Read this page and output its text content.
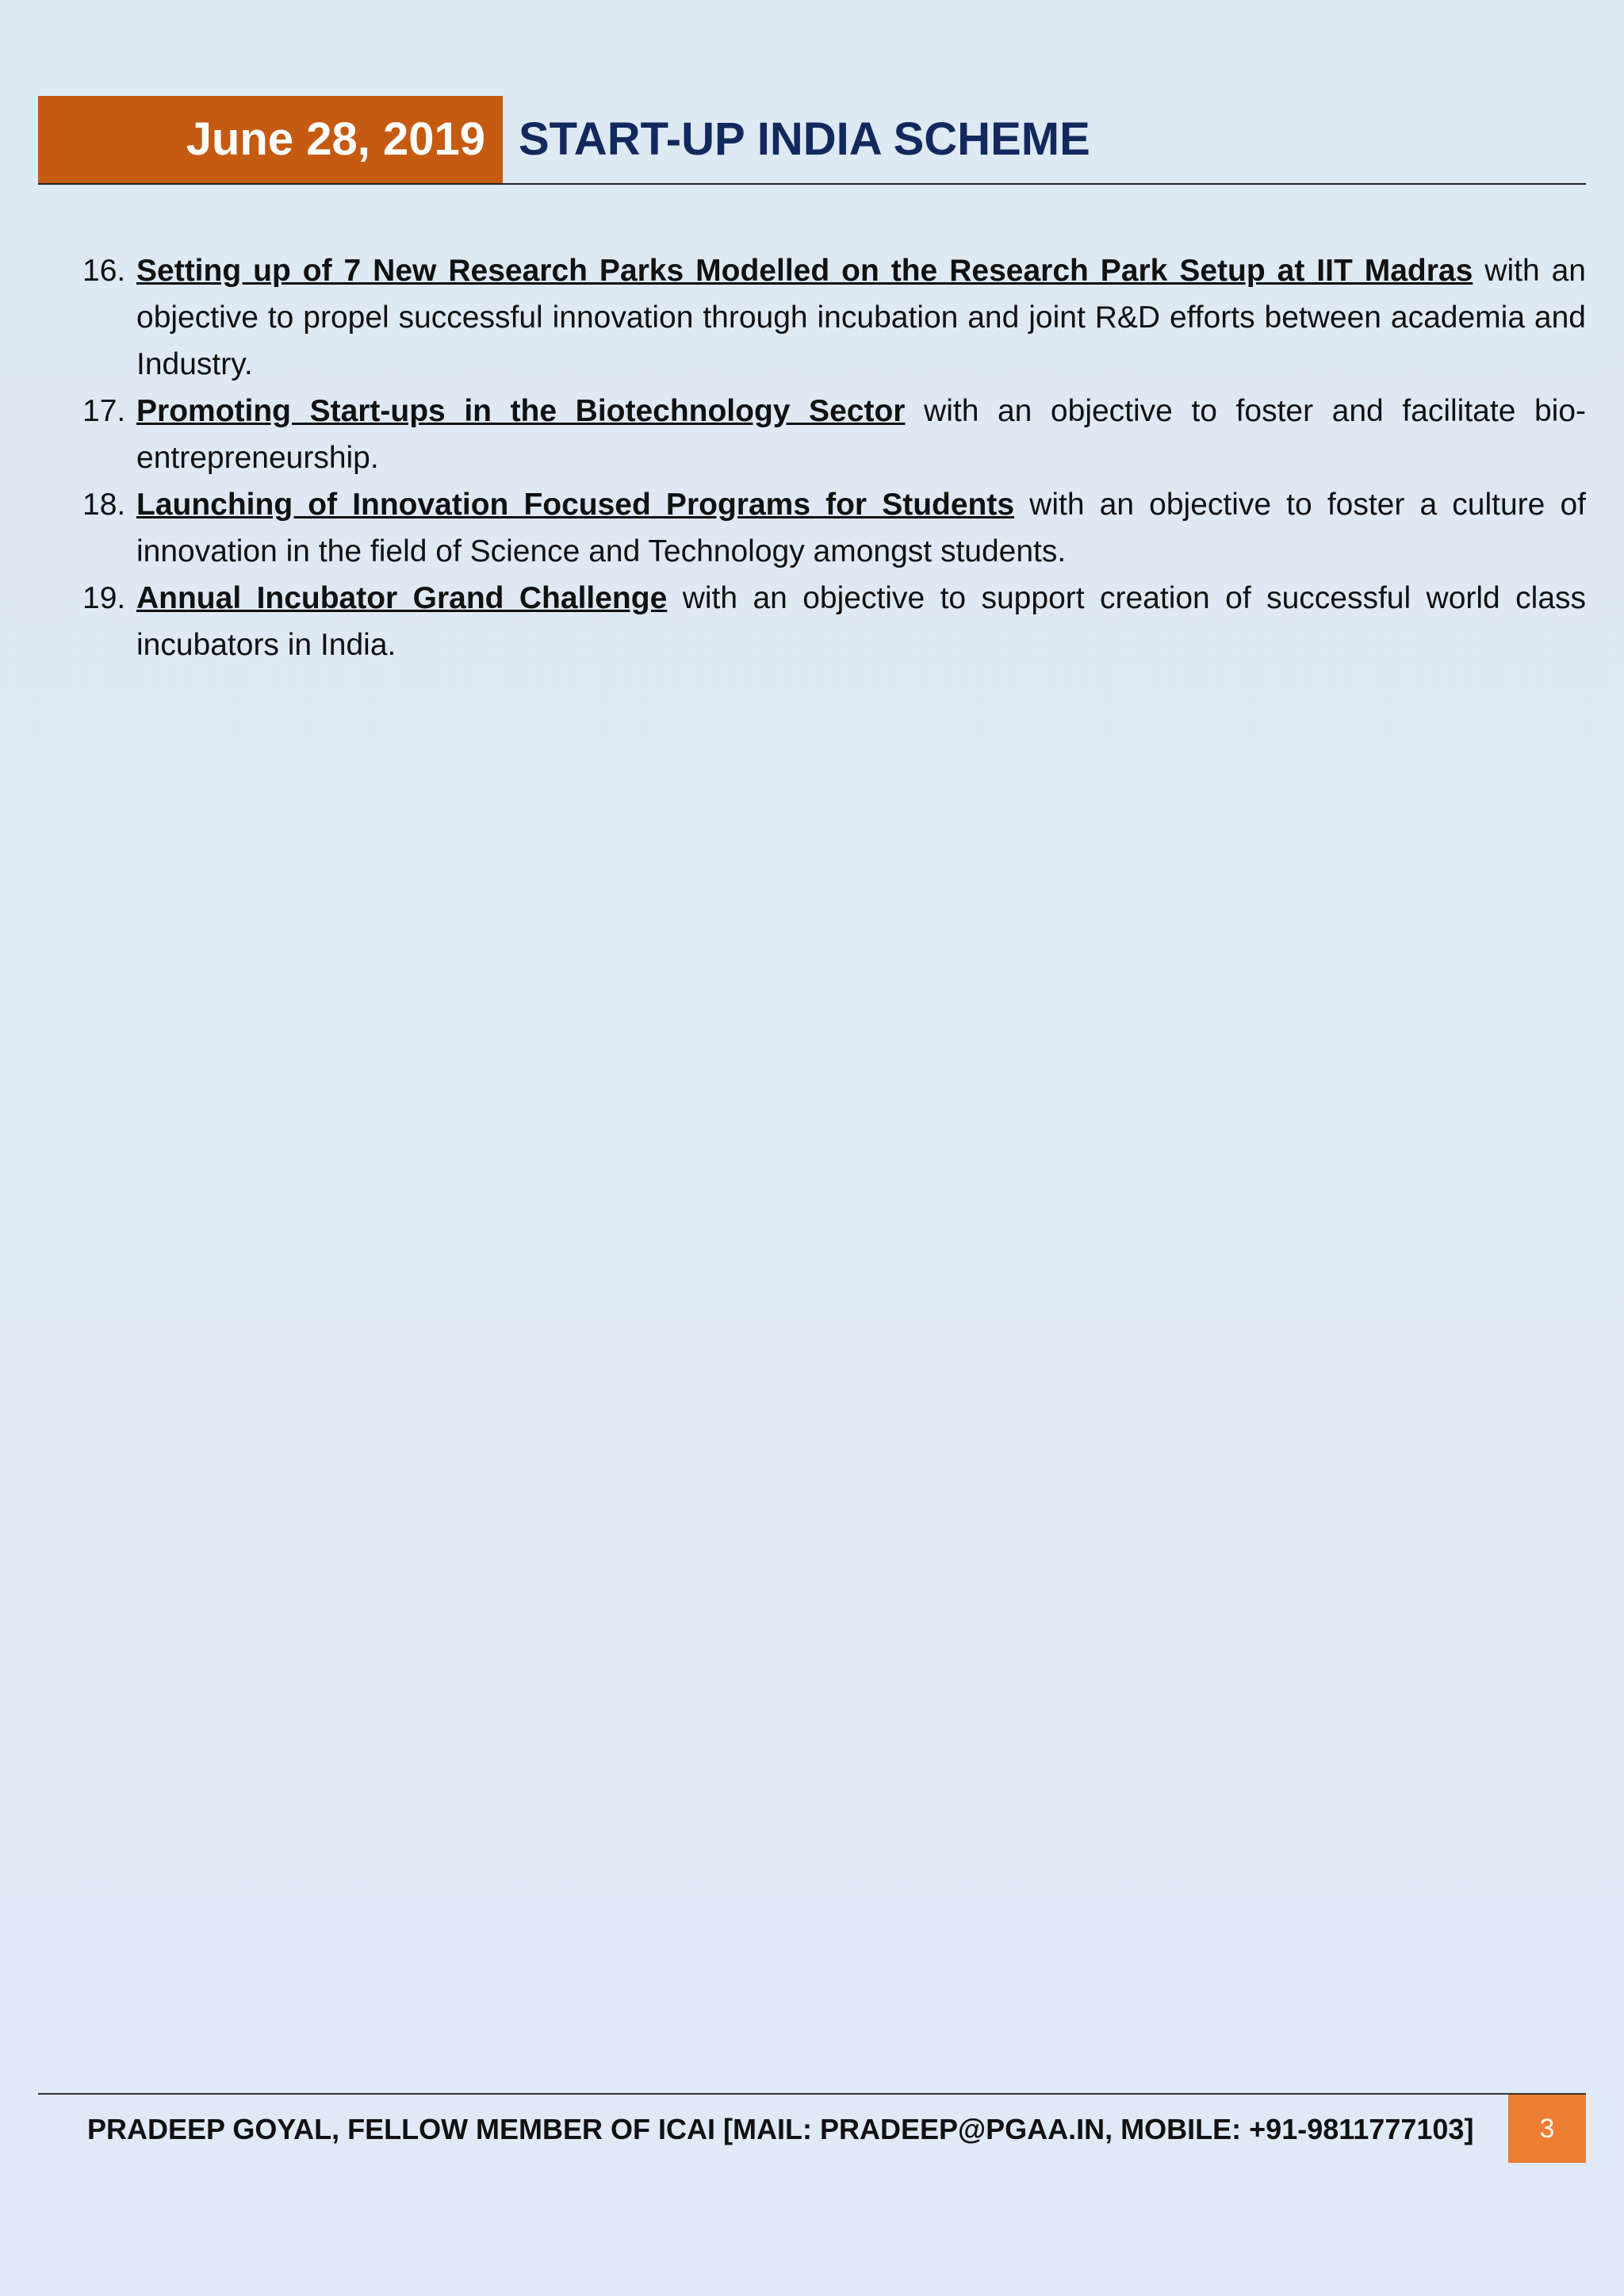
June 28, 2019 START-UP INDIA SCHEME
16. Setting up of 7 New Research Parks Modelled on the Research Park Setup at IIT Madras with an objective to propel successful innovation through incubation and joint R&D efforts between academia and Industry.

17. Promoting Start-ups in the Biotechnology Sector with an objective to foster and facilitate bio-entrepreneurship.

18. Launching of Innovation Focused Programs for Students with an objective to foster a culture of innovation in the field of Science and Technology amongst students.

19. Annual Incubator Grand Challenge with an objective to support creation of successful world class incubators in India.

PRADEEP GOYAL, FELLOW MEMBER OF ICAI [MAIL: PRADEEP@PGAA.IN, MOBILE: +91-9811777103]	3
